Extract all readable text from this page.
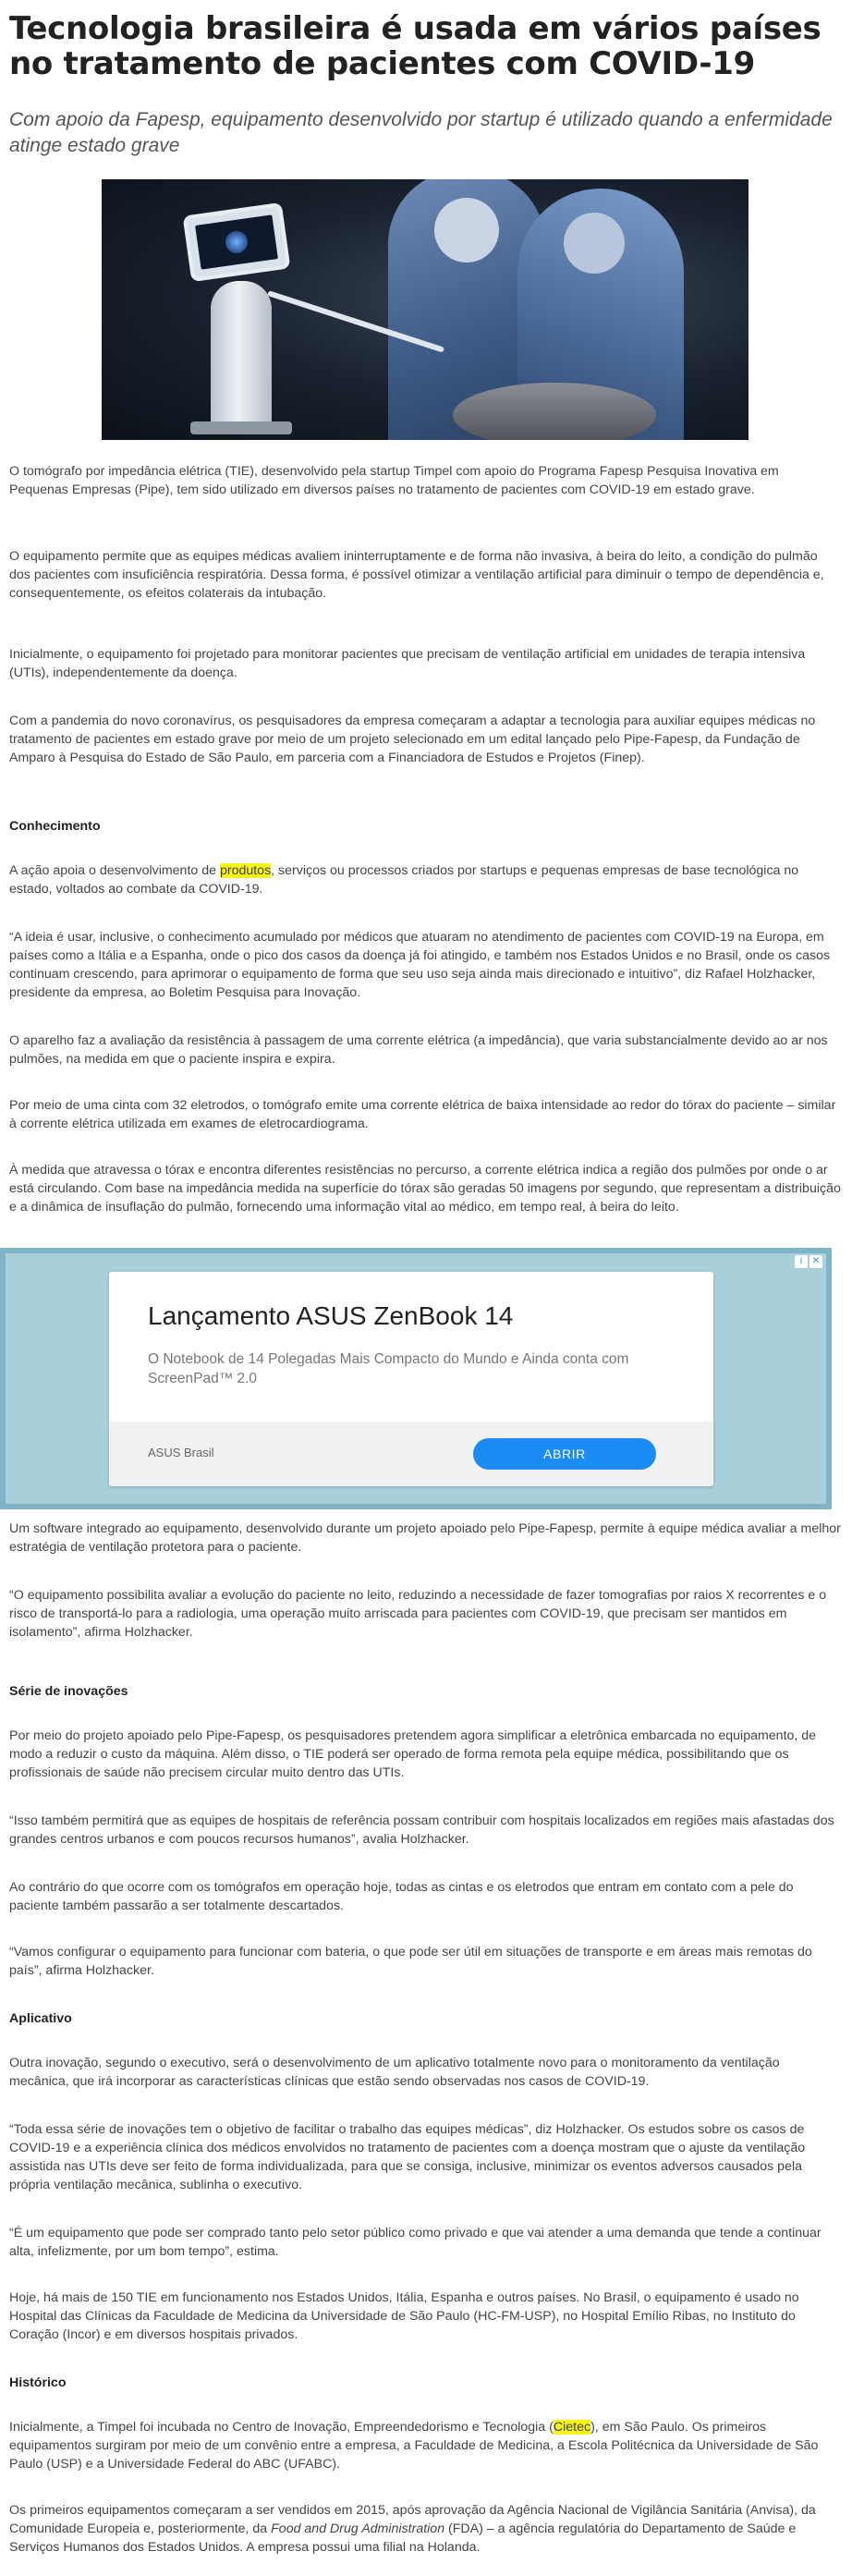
Tecnologia brasileira é usada em vários países no tratamento de pacientes com COVID-19

Com apoio da Fapesp, equipamento desenvolvido por startup é utilizado quando a enfermidade atinge estado grave

O tomógrafo por impedância elétrica (TIE), desenvolvido pela startup Timpel com apoio do Programa Fapesp Pesquisa Inovativa em Pequenas Empresas (Pipe), tem sido utilizado em diversos países no tratamento de pacientes com COVID-19 em estado grave.

O equipamento permite que as equipes médicas avaliem ininterruptamente e de forma não invasiva, à beira do leito, a condição do pulmão dos pacientes com insuficiência respiratória. Dessa forma, é possível otimizar a ventilação artificial para diminuir o tempo de dependência e, consequentemente, os efeitos colaterais da intubação.

Inicialmente, o equipamento foi projetado para monitorar pacientes que precisam de ventilação artificial em unidades de terapia intensiva (UTIs), independentemente da doença.

Com a pandemia do novo coronavírus, os pesquisadores da empresa começaram a adaptar a tecnologia para auxiliar equipes médicas no tratamento de pacientes em estado grave por meio de um projeto selecionado em um edital lançado pelo Pipe-Fapesp, da Fundação de Amparo à Pesquisa do Estado de São Paulo, em parceria com a Financiadora de Estudos e Projetos (Finep).

Conhecimento

A ação apoia o desenvolvimento de produtos, serviços ou processos criados por startups e pequenas empresas de base tecnológica no estado, voltados ao combate da COVID-19.

“A ideia é usar, inclusive, o conhecimento acumulado por médicos que atuaram no atendimento de pacientes com COVID-19 na Europa, em países como a Itália e a Espanha, onde o pico dos casos da doença já foi atingido, e também nos Estados Unidos e no Brasil, onde os casos continuam crescendo, para aprimorar o equipamento de forma que seu uso seja ainda mais direcionado e intuitivo”, diz Rafael Holzhacker, presidente da empresa, ao Boletim Pesquisa para Inovação.

O aparelho faz a avaliação da resistência à passagem de uma corrente elétrica (a impedância), que varia substancialmente devido ao ar nos pulmões, na medida em que o paciente inspira e expira.

Por meio de uma cinta com 32 eletrodos, o tomógrafo emite uma corrente elétrica de baixa intensidade ao redor do tórax do paciente – similar à corrente elétrica utilizada em exames de eletrocardiograma.

À medida que atravessa o tórax e encontra diferentes resistências no percurso, a corrente elétrica indica a região dos pulmões por onde o ar está circulando. Com base na impedância medida na superfície do tórax são geradas 50 imagens por segundo, que representam a distribuição e a dinâmica de insuflação do pulmão, fornecendo uma informação vital ao médico, em tempo real, à beira do leito.

i	✕
Lançamento ASUS ZenBook 14
O Notebook de 14 Polegadas Mais Compacto do Mundo e Ainda conta com ScreenPad™ 2.0
ASUS Brasil	ABRIR

Um software integrado ao equipamento, desenvolvido durante um projeto apoiado pelo Pipe-Fapesp, permite à equipe médica avaliar a melhor estratégia de ventilação protetora para o paciente.

“O equipamento possibilita avaliar a evolução do paciente no leito, reduzindo a necessidade de fazer tomografias por raios X recorrentes e o risco de transportá-lo para a radiologia, uma operação muito arriscada para pacientes com COVID-19, que precisam ser mantidos em isolamento”, afirma Holzhacker.

Série de inovações

Por meio do projeto apoiado pelo Pipe-Fapesp, os pesquisadores pretendem agora simplificar a eletrônica embarcada no equipamento, de modo a reduzir o custo da máquina. Além disso, o TIE poderá ser operado de forma remota pela equipe médica, possibilitando que os profissionais de saúde não precisem circular muito dentro das UTIs.

“Isso também permitirá que as equipes de hospitais de referência possam contribuir com hospitais localizados em regiões mais afastadas dos grandes centros urbanos e com poucos recursos humanos”, avalia Holzhacker.

Ao contrário do que ocorre com os tomógrafos em operação hoje, todas as cintas e os eletrodos que entram em contato com a pele do paciente também passarão a ser totalmente descartados.

“Vamos configurar o equipamento para funcionar com bateria, o que pode ser útil em situações de transporte e em áreas mais remotas do país”, afirma Holzhacker.

Aplicativo

Outra inovação, segundo o executivo, será o desenvolvimento de um aplicativo totalmente novo para o monitoramento da ventilação mecânica, que irá incorporar as características clínicas que estão sendo observadas nos casos de COVID-19.

“Toda essa série de inovações tem o objetivo de facilitar o trabalho das equipes médicas”, diz Holzhacker. Os estudos sobre os casos de COVID-19 e a experiência clínica dos médicos envolvidos no tratamento de pacientes com a doença mostram que o ajuste da ventilação assistida nas UTIs deve ser feito de forma individualizada, para que se consiga, inclusive, minimizar os eventos adversos causados pela própria ventilação mecânica, sublinha o executivo.

“É um equipamento que pode ser comprado tanto pelo setor público como privado e que vai atender a uma demanda que tende a continuar alta, infelizmente, por um bom tempo”, estima.

Hoje, há mais de 150 TIE em funcionamento nos Estados Unidos, Itália, Espanha e outros países. No Brasil, o equipamento é usado no Hospital das Clínicas da Faculdade de Medicina da Universidade de São Paulo (HC-FM-USP), no Hospital Emílio Ribas, no Instituto do Coração (Incor) e em diversos hospitais privados.

Histórico

Inicialmente, a Timpel foi incubada no Centro de Inovação, Empreendedorismo e Tecnologia (Cietec), em São Paulo. Os primeiros equipamentos surgiram por meio de um convênio entre a empresa, a Faculdade de Medicina, a Escola Politécnica da Universidade de São Paulo (USP) e a Universidade Federal do ABC (UFABC).

Os primeiros equipamentos começaram a ser vendidos em 2015, após aprovação da Agência Nacional de Vigilância Sanitária (Anvisa), da Comunidade Europeia e, posteriormente, da Food and Drug Administration (FDA) – a agência regulatória do Departamento de Saúde e Serviços Humanos dos Estados Unidos. A empresa possui uma filial na Holanda.
